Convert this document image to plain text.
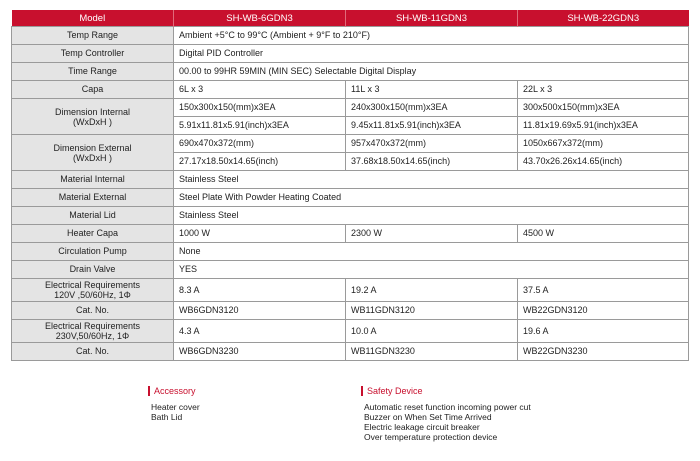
Model	SH-WB-6GDN3	SH-WB-11GDN3	SH-WB-22GDN3
Temp Range	Ambient +5°C to 99°C (Ambient + 9°F to 210°F)		
Temp Controller	Digital PID Controller		
Time Range	00.00 to 99HR 59MIN (MIN SEC) Selectable Digital Display		
Capa	6L x 3	11L x 3	22L x 3

Dimension Internal
(WxDxH )	150x300x150(mm)x3EA	240x300x150(mm)x3EA	300x500x150(mm)x3EA
	5.91x11.81x5.91(inch)x3EA	9.45x11.81x5.91(inch)x3EA	11.81x19.69x5.91(inch)x3EA

Dimension External
(WxDxH )	690x470x372(mm)	957x470x372(mm)	1050x667x372(mm)
	27.17x18.50x14.65(inch)	37.68x18.50x14.65(inch)	43.70x26.26x14.65(inch)
Material Internal	Stainless Steel		
Material External	Steel Plate With Powder Heating Coated		
Material Lid	Stainless Steel		
Heater Capa	1000 W	2300 W	4500 W
Circulation Pump	None		
Drain Valve	YES		

Electrical Requirements
120V ,50/60Hz, 1Φ	8.3 A	19.2 A	37.5 A
Cat. No.	WB6GDN3120	WB11GDN3120	WB22GDN3120

Electrical Requirements
230V,50/60Hz, 1Φ	4.3 A	10.0 A	19.6 A
Cat. No.	WB6GDN3230	WB11GDN3230	WB22GDN3230
Accessory
Heater cover
Bath Lid
Safety Device
Automatic reset function incoming power cut
Buzzer on When Set Time Arrived
Electric leakage circuit breaker
Over temperature protection device
